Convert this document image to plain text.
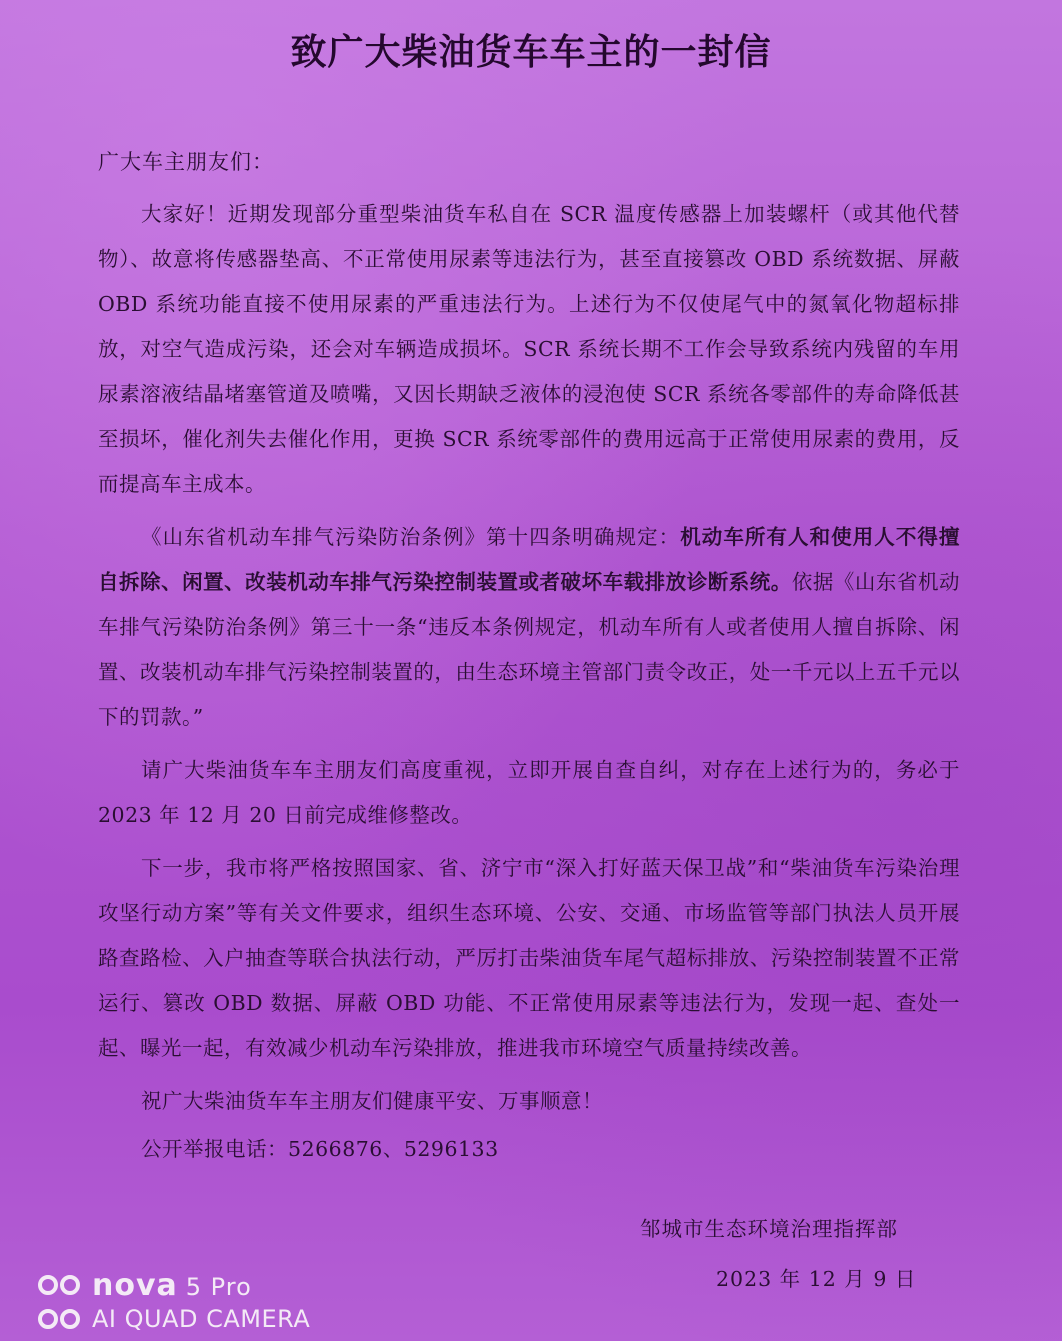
致广大柴油货车车主的一封信
广大车主朋友们：

大家好！近期发现部分重型柴油货车私自在 SCR 温度传感器上加装螺杆（或其他代替物）、故意将传感器垫高、不正常使用尿素等违法行为，甚至直接篡改 OBD 系统数据、屏蔽 OBD 系统功能直接不使用尿素的严重违法行为。上述行为不仅使尾气中的氮氧化物超标排放，对空气造成污染，还会对车辆造成损坏。SCR 系统长期不工作会导致系统内残留的车用尿素溶液结晶堵塞管道及喷嘴，又因长期缺乏液体的浸泡使 SCR 系统各零部件的寿命降低甚至损坏，催化剂失去催化作用，更换 SCR 系统零部件的费用远高于正常使用尿素的费用，反而提高车主成本。

《山东省机动车排气污染防治条例》第十四条明确规定：机动车所有人和使用人不得擅自拆除、闲置、改装机动车排气污染控制装置或者破坏车载排放诊断系统。依据《山东省机动车排气污染防治条例》第三十一条“违反本条例规定，机动车所有人或者使用人擅自拆除、闲置、改装机动车排气污染控制装置的，由生态环境主管部门责令改正，处一千元以上五千元以下的罚款。”

请广大柴油货车车主朋友们高度重视，立即开展自查自纠，对存在上述行为的，务必于 2023 年 12 月 20 日前完成维修整改。

下一步，我市将严格按照国家、省、济宁市“深入打好蓝天保卫战”和“柴油货车污染治理攻坚行动方案”等有关文件要求，组织生态环境、公安、交通、市场监管等部门执法人员开展路查路检、入户抽查等联合执法行动，严厉打击柴油货车尾气超标排放、污染控制装置不正常运行、篡改 OBD 数据、屏蔽 OBD 功能、不正常使用尿素等违法行为，发现一起、查处一起、曝光一起，有效减少机动车污染排放，推进我市环境空气质量持续改善。

祝广大柴油货车车主朋友们健康平安、万事顺意！

公开举报电话：5266876、5296133

邹城市生态环境治理指挥部
2023 年 12 月 9 日
nova 5 Pro
AI QUAD CAMERA
